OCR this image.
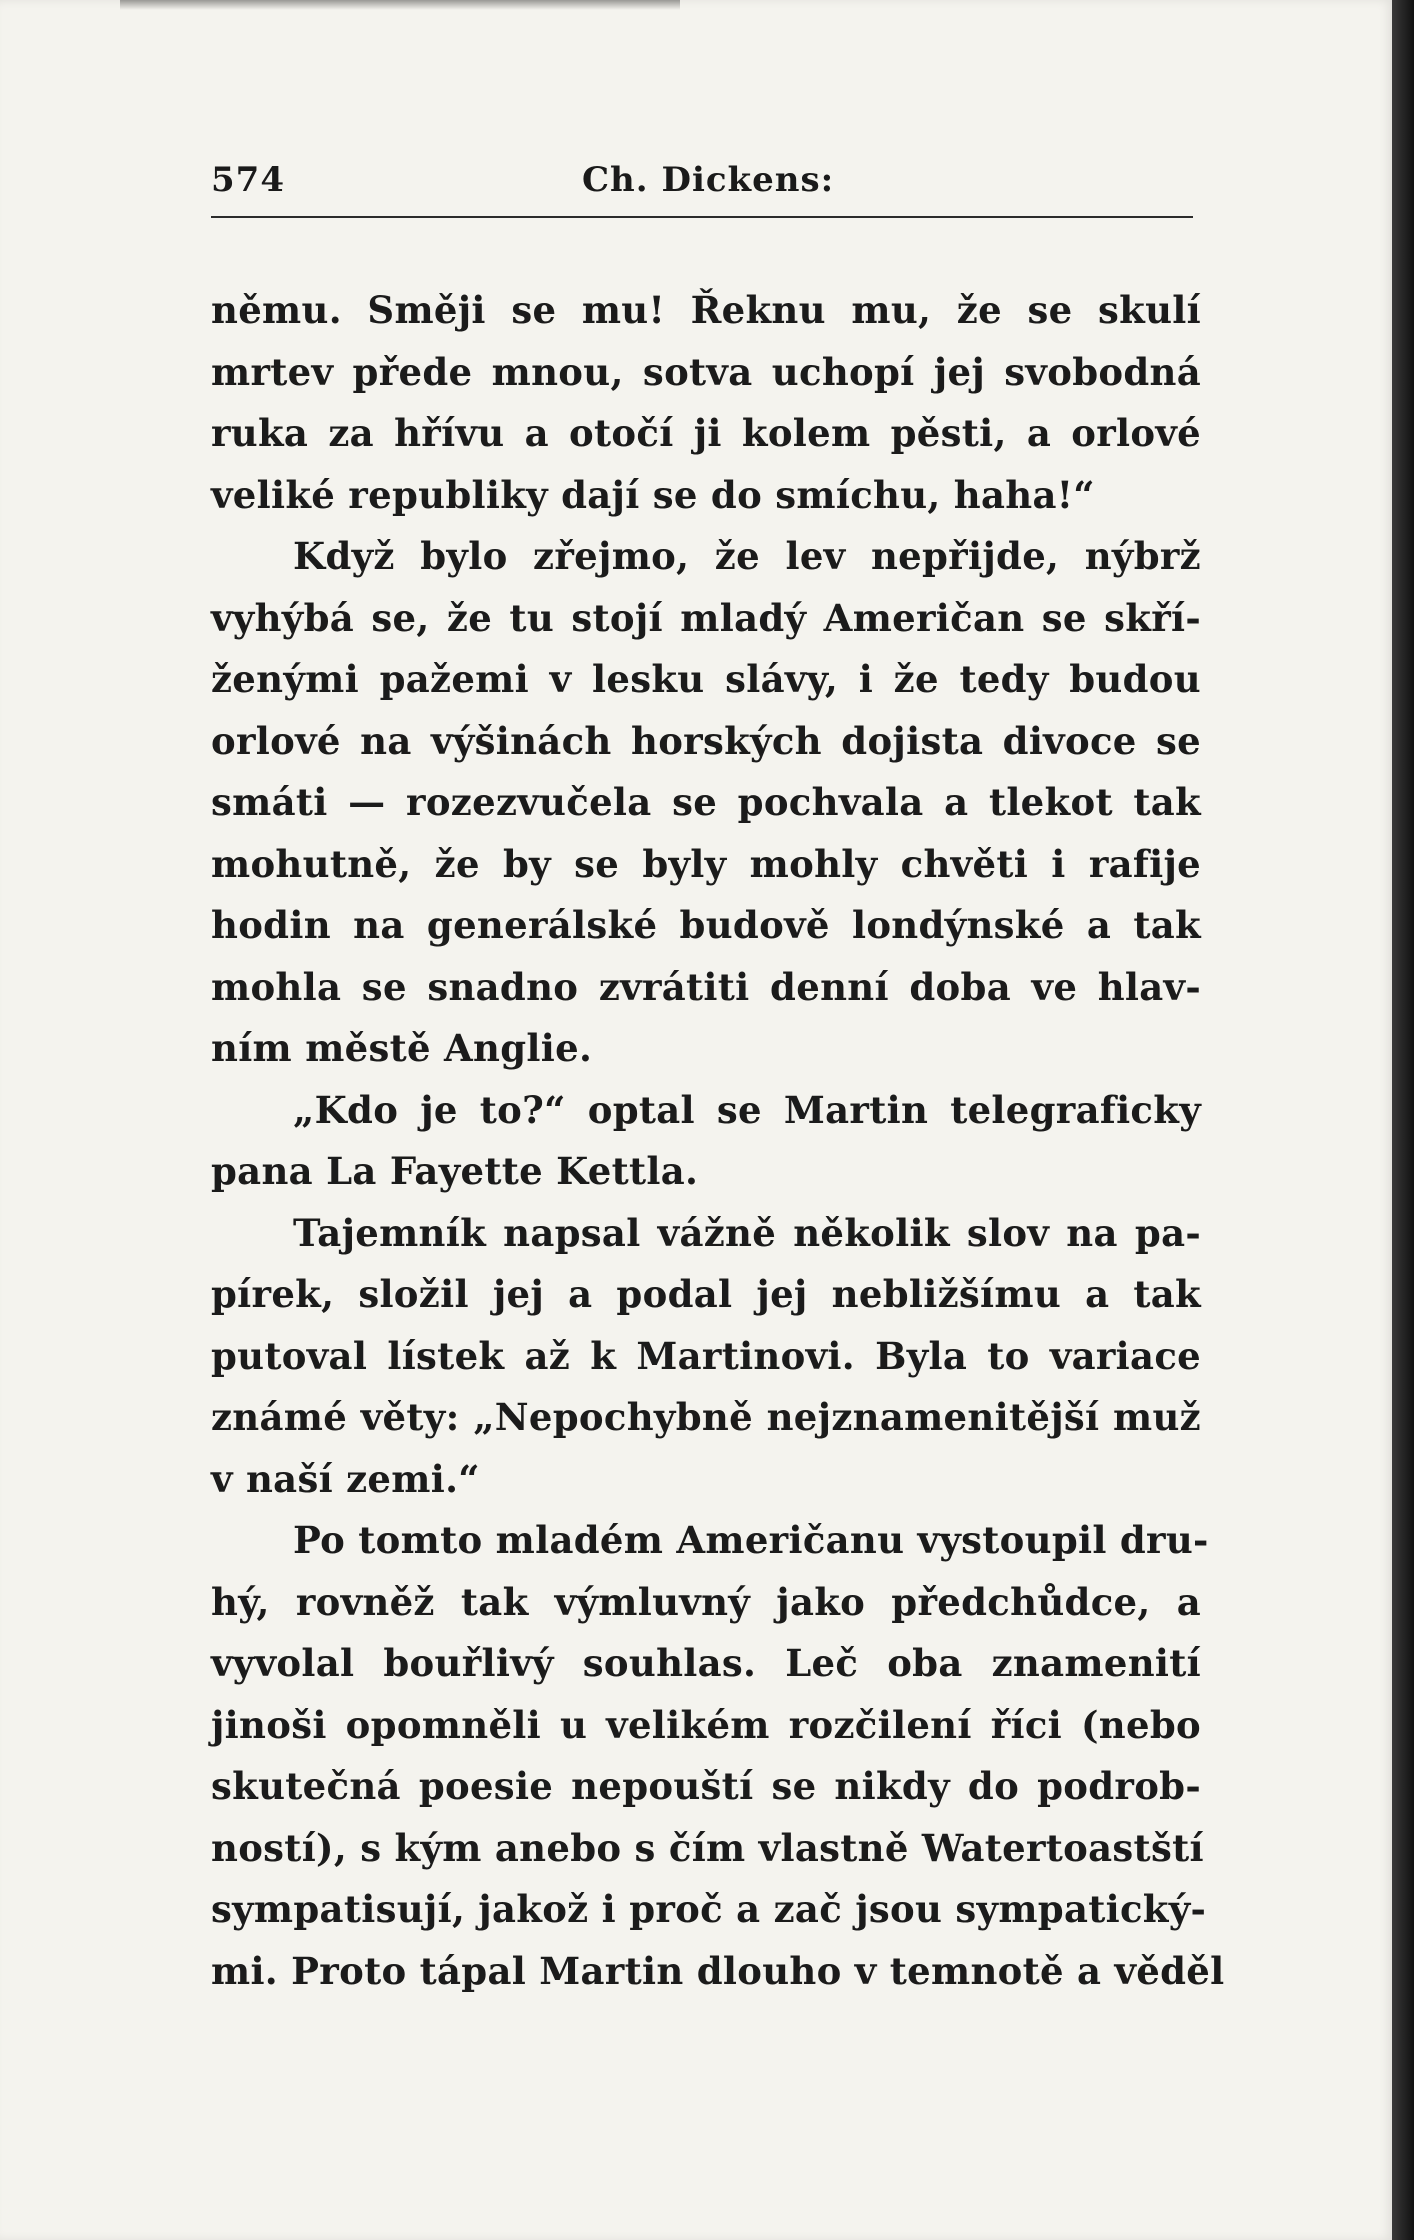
574	Ch. Dickens:
němu. Směji se mu! Řeknu mu, že se skulí
mrtev přede mnou, sotva uchopí jej svobodná
ruka za hřívu a otočí ji kolem pěsti, a orlové
veliké republiky dají se do smíchu, haha!“
Když bylo zřejmo, že lev nepřijde, nýbrž
vyhýbá se, že tu stojí mladý Američan se skří-
ženými pažemi v lesku slávy, i že tedy budou
orlové na výšinách horských dojista divoce se
smáti — rozezvučela se pochvala a tlekot tak
mohutně, že by se byly mohly chvěti i rafije
hodin na generálské budově londýnské a tak
mohla se snadno zvrátiti denní doba ve hlav-
ním městě Anglie.
„Kdo je to?“ optal se Martin telegraficky
pana La Fayette Kettla.
Tajemník napsal vážně několik slov na pa-
pírek, složil jej a podal jej nebližšímu a tak
putoval lístek až k Martinovi. Byla to variace
známé věty: „Nepochybně nejznamenitější muž
v naší zemi.“
Po tomto mladém Američanu vystoupil dru-
hý, rovněž tak výmluvný jako předchůdce, a
vyvolal bouřlivý souhlas. Leč oba znamenití
jinoši opomněli u velikém rozčilení říci (nebo
skutečná poesie nepouští se nikdy do podrob-
ností), s kým anebo s čím vlastně Watertoastští
sympatisují, jakož i proč a zač jsou sympatický-
mi. Proto tápal Martin dlouho v temnotě a věděl
